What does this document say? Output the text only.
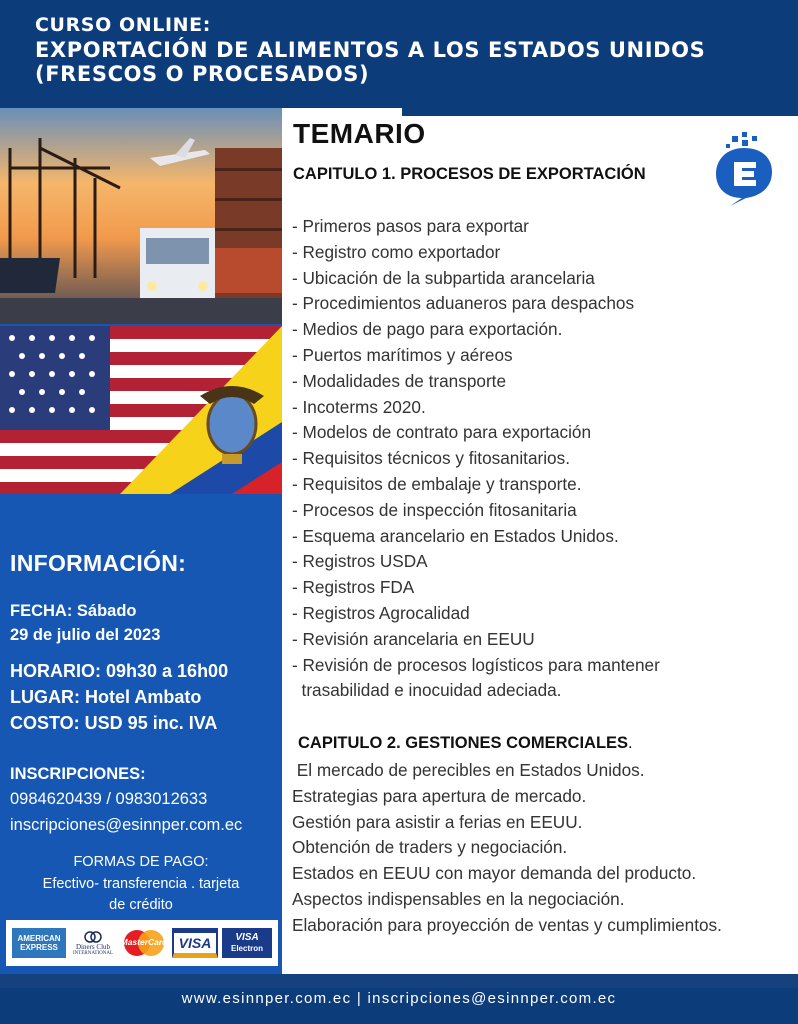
CURSO ONLINE:
EXPORTACIÓN DE ALIMENTOS A LOS ESTADOS UNIDOS
(FRESCOS O PROCESADOS)
INFORMACIÓN:
FECHA: Sábado
29 de julio del 2023
HORARIO: 09h30 a 16h00
LUGAR: Hotel Ambato
COSTO: USD 95 inc. IVA
INSCRIPCIONES:
0984620439 / 0983012633
inscripciones@esinnper.com.ec
FORMAS DE PAGO:
Efectivo- transferencia . tarjeta
de crédito
AMERICAN
EXPRESS	Diners Club
INTERNATIONAL
MasterCard VISA	VISA
Electron
TEMARIO
CAPITULO 1. PROCESOS DE EXPORTACIÓN
- Primeros pasos para exportar
- Registro como exportador
- Ubicación de la subpartida arancelaria
- Procedimientos aduaneros para despachos
- Medios de pago para exportación.
- Puertos marítimos y aéreos
- Modalidades de transporte
- Incoterms 2020.
- Modelos de contrato para exportación
- Requisitos técnicos y fitosanitarios.
- Requisitos de embalaje y transporte.
- Procesos de inspección fitosanitaria
- Esquema arancelario en Estados Unidos.
- Registros USDA
- Registros FDA
- Registros Agrocalidad
- Revisión arancelaria en EEUU
- Revisión de procesos logísticos para mantener
trasabilidad e inocuidad adeciada.
CAPITULO 2. GESTIONES COMERCIALES.
El mercado de perecibles en Estados Unidos.
Estrategias para apertura de mercado.
Gestión para asistir a ferias en EEUU.
Obtención de traders y negociación.
Estados en EEUU con mayor demanda del producto.
Aspectos indispensables en la negociación.
Elaboración para proyección de ventas y cumplimientos.
www.esinnper.com.ec | inscripciones@esinnper.com.ec
